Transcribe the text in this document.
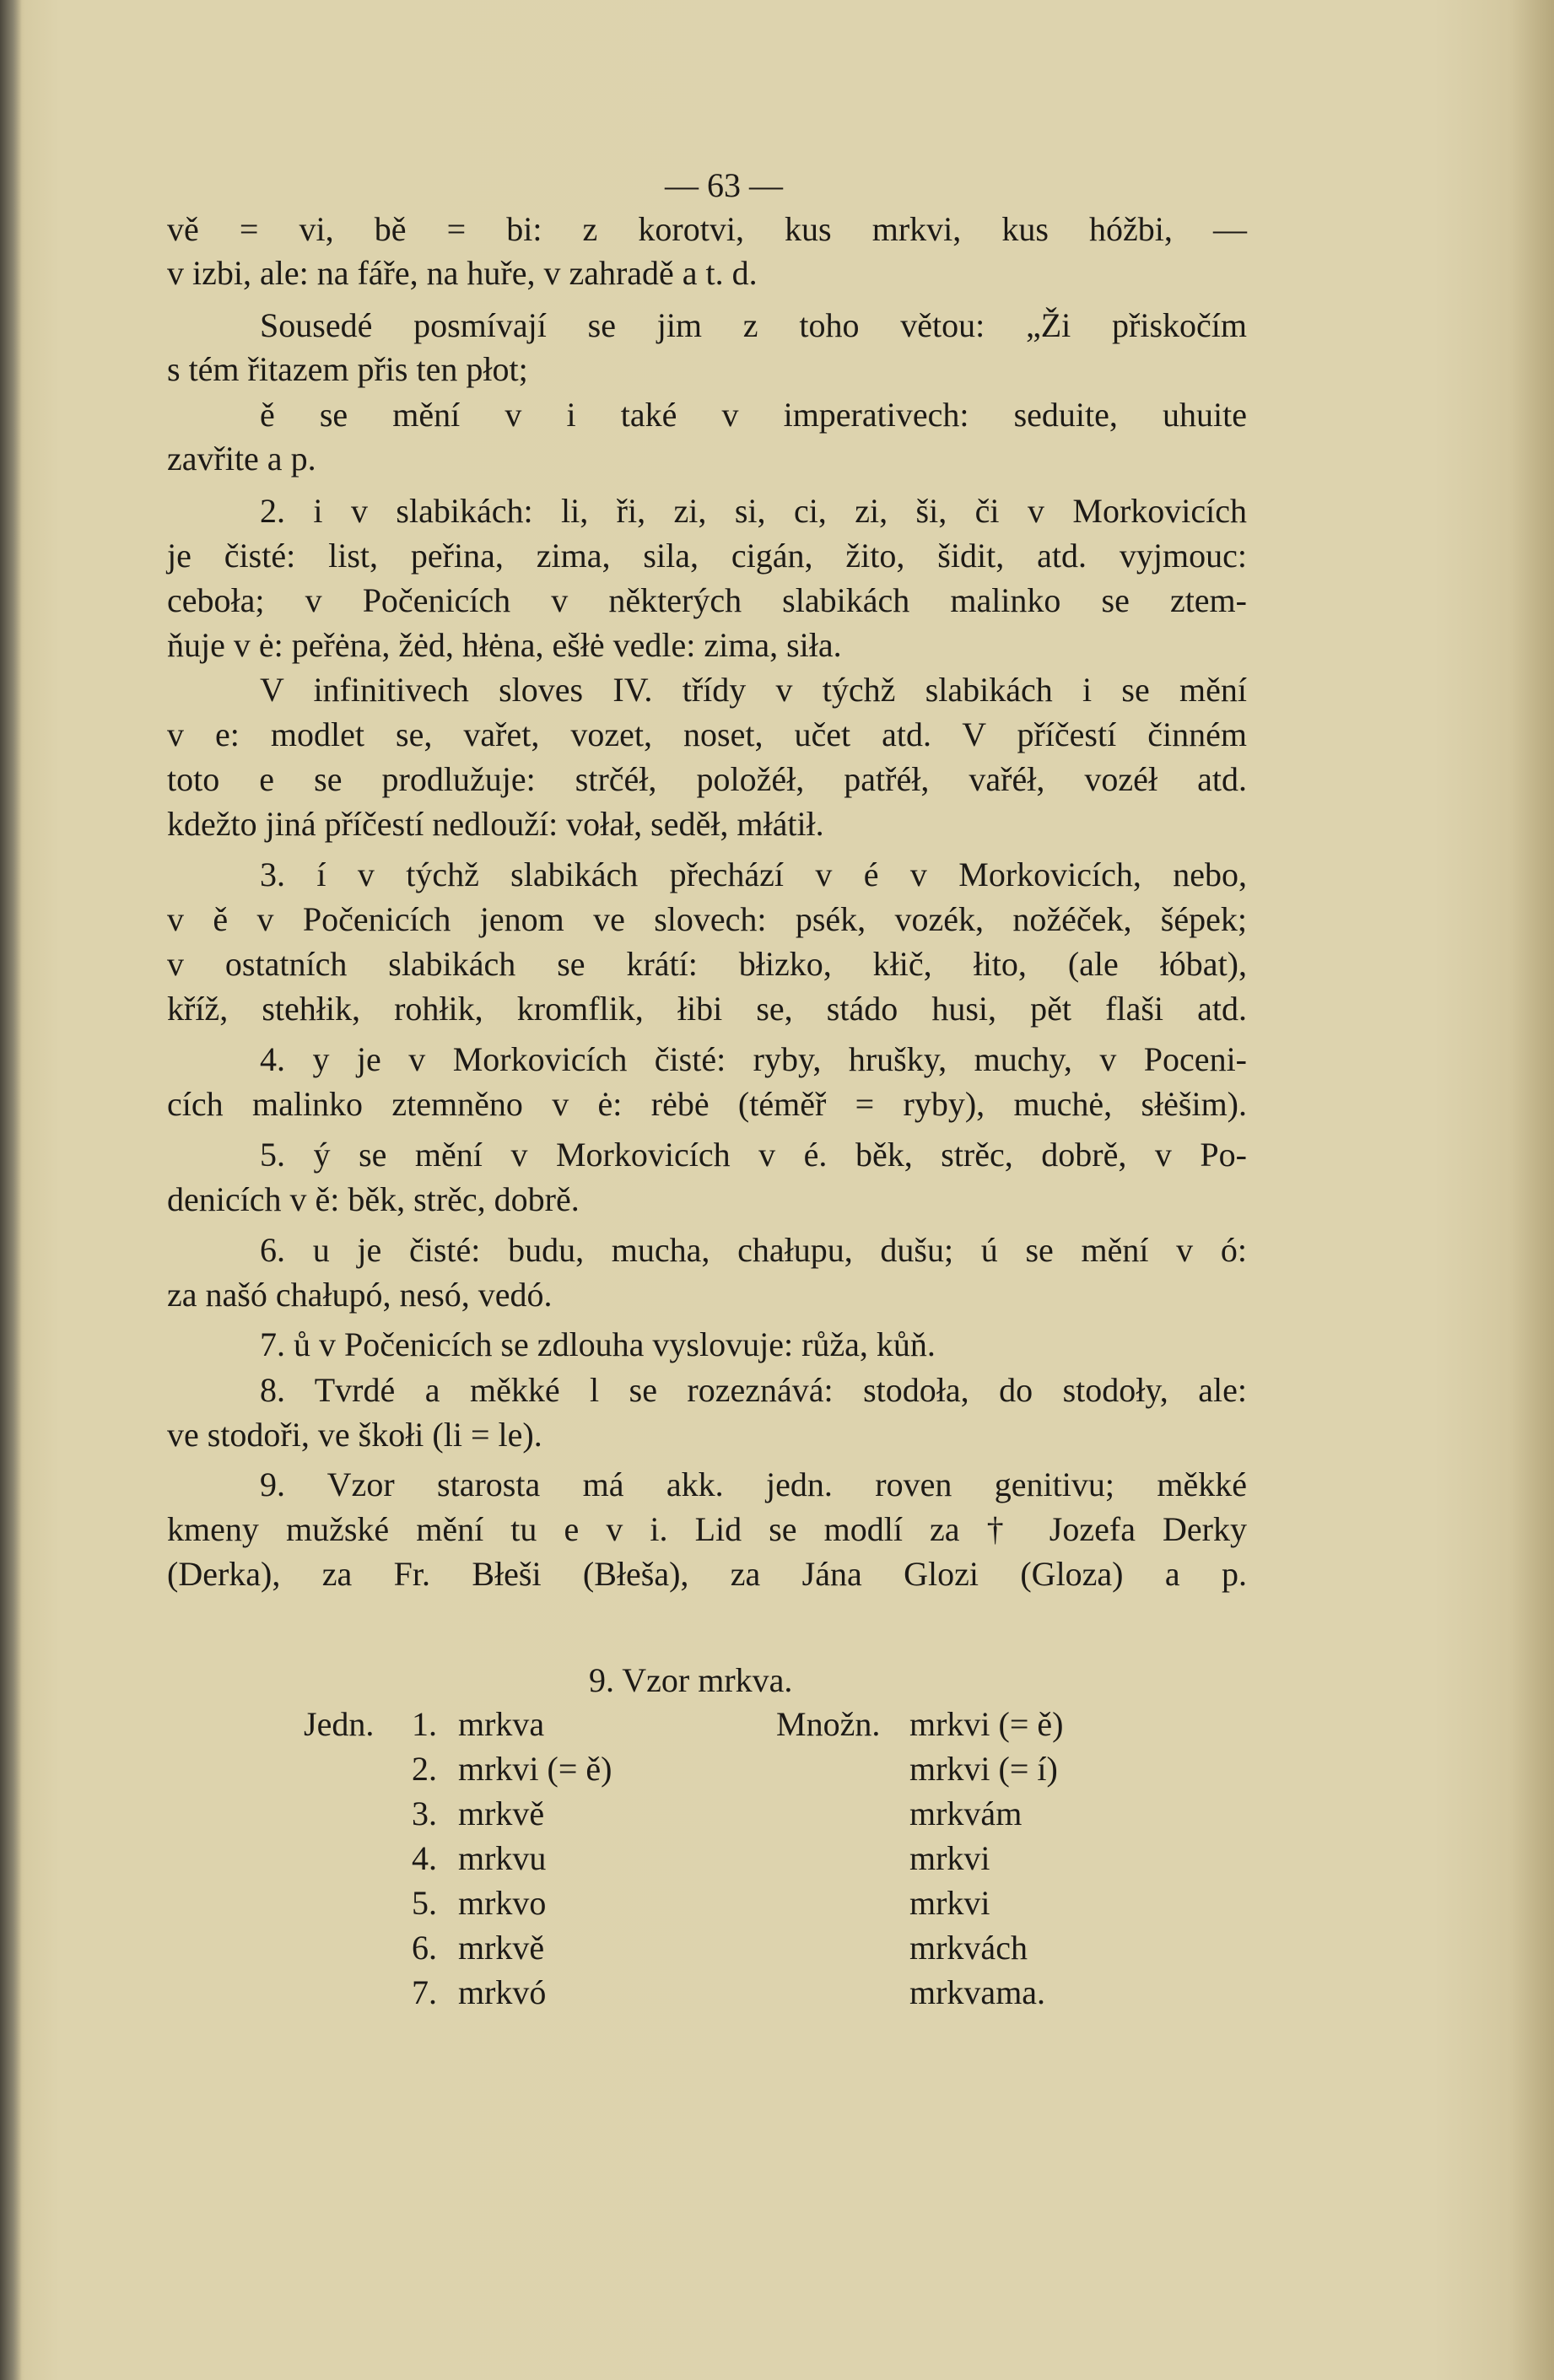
— 63 —
vě = vi, bě = bi: z korotvi, kus mrkvi, kus hóžbi, —
v izbi, ale: na fáře, na huře, v zahradě a t. d.
Sousedé posmívají se jim z toho větou: „Ži přiskočím
s tém řitazem přis ten płot;
ě se mění v i také v imperativech: seduite, uhuite
zavřite a p.
2. i v slabikách: li, ři, zi, si, ci, zi, ši, či v Morkovicích
je čisté: list, peřina, zima, sila, cigán, žito, šidit, atd. vyjmouc:
ceboła; v Počenicích v některých slabikách malinko se ztem-
ňuje v ė: peřėna, žėd, hłėna, ešłė vedle: zima, siła.
V infinitivech sloves IV. třídy v týchž slabikách i se mění
v e: modlet se, vařet, vozet, noset, učet atd. V příčestí činném
toto e se prodlužuje: strčéł, položéł, patřéł, vařéł, vozéł atd.
kdežto jiná příčestí nedlouží: vołał, seděł, młátił.
3. í v týchž slabikách přechází v é v Morkovicích, nebo,
v ě v Počenicích jenom ve slovech: psék, vozék, nožéček, šépek;
v ostatních slabikách se krátí: błizko, kłič, łito, (ale łóbat),
kříž, stehłik, rohłik, kromflik, łibi se, stádo husi, pět flaši atd.
4. y je v Morkovicích čisté: ryby, hrušky, muchy, v Poceni-
cích malinko ztemněno v ė: rėbė (téměř = ryby), muchė, słėšim).
5. ý se mění v Morkovicích v é. běk, strěc, dobrě, v Po-
denicích v ě: běk, strěc, dobrě.
6. u je čisté: budu, mucha, chałupu, dušu; ú se mění v ó:
za našó chałupó, nesó, vedó.
7. ů v Počenicích se zdlouha vyslovuje: růža, kůň.
8. Tvrdé a měkké l se rozeznává: stodoła, do stodoły, ale:
ve stodoři, ve škołi (li = le).
9. Vzor starosta má akk. jedn. roven genitivu; měkké
kmeny mužské mění tu e v i. Lid se modlí za † Jozefa Derky
(Derka), za Fr. Błeši (Błeša), za Jána Glozi (Gloza) a p.
9. Vzor mrkva.
Jedn.	Množn.
1. mrkva	mrkvi (= ě)
2. mrkvi (= ě)	mrkvi (= í)
3. mrkvě	mrkvám
4. mrkvu	mrkvi
5. mrkvo	mrkvi
6. mrkvě	mrkvách
7. mrkvó	mrkvama.
